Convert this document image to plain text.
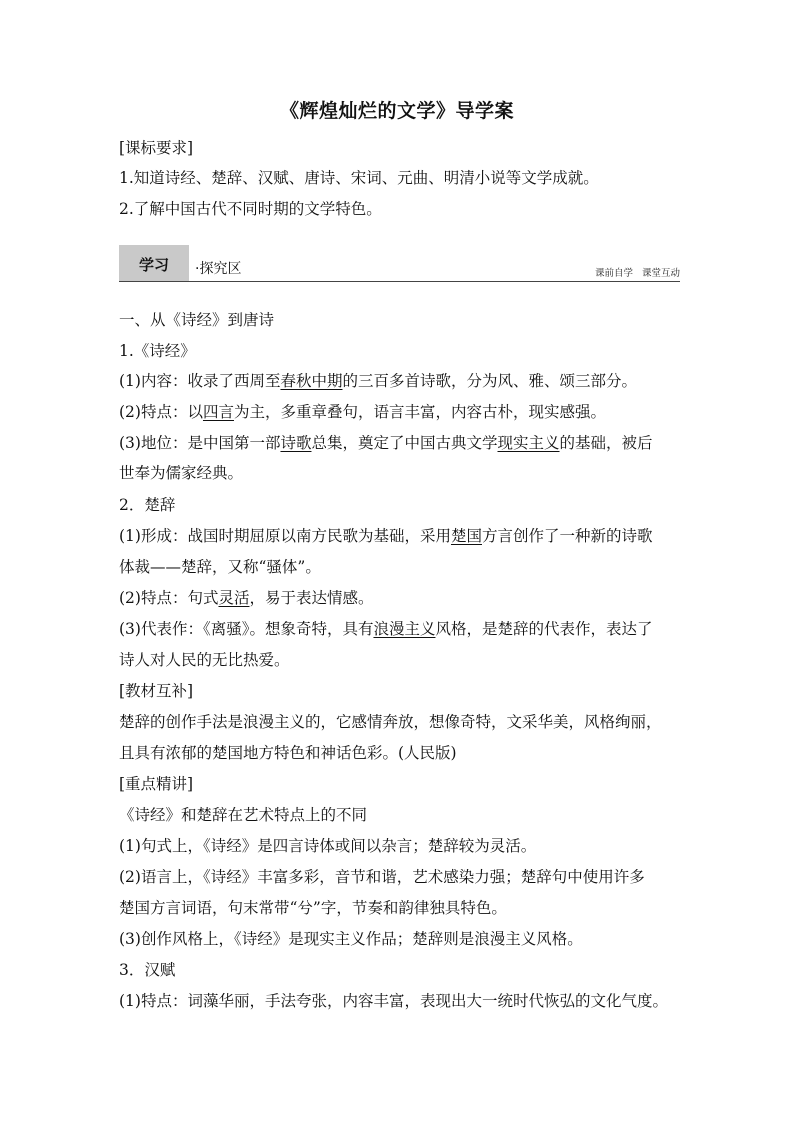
《辉煌灿烂的文学》导学案
[课标要求]
1.知道诗经、楚辞、汉赋、唐诗、宋词、元曲、明清小说等文学成就。
2.了解中国古代不同时期的文学特色。
学习 ·探究区	课前自学 课堂互动
一、从《诗经》到唐诗
1.《诗经》
(1)内容：收录了西周至春秋中期的三百多首诗歌，分为风、雅、颂三部分。
(2)特点：以四言为主，多重章叠句，语言丰富，内容古朴，现实感强。
(3)地位：是中国第一部诗歌总集，奠定了中国古典文学现实主义的基础，被后
世奉为儒家经典。
2．楚辞
(1)形成：战国时期屈原以南方民歌为基础，采用楚国方言创作了一种新的诗歌
体裁——楚辞，又称“骚体”。
(2)特点：句式灵活，易于表达情感。
(3)代表作：《离骚》。想象奇特，具有浪漫主义风格，是楚辞的代表作，表达了
诗人对人民的无比热爱。
[教材互补]
楚辞的创作手法是浪漫主义的，它感情奔放，想像奇特，文采华美，风格绚丽，
且具有浓郁的楚国地方特色和神话色彩。(人民版)
[重点精讲]
《诗经》和楚辞在艺术特点上的不同
(1)句式上，《诗经》是四言诗体或间以杂言；楚辞较为灵活。
(2)语言上，《诗经》丰富多彩，音节和谐，艺术感染力强；楚辞句中使用许多
楚国方言词语，句末常带“兮”字，节奏和韵律独具特色。
(3)创作风格上，《诗经》是现实主义作品；楚辞则是浪漫主义风格。
3．汉赋
(1)特点：词藻华丽，手法夸张，内容丰富，表现出大一统时代恢弘的文化气度。
